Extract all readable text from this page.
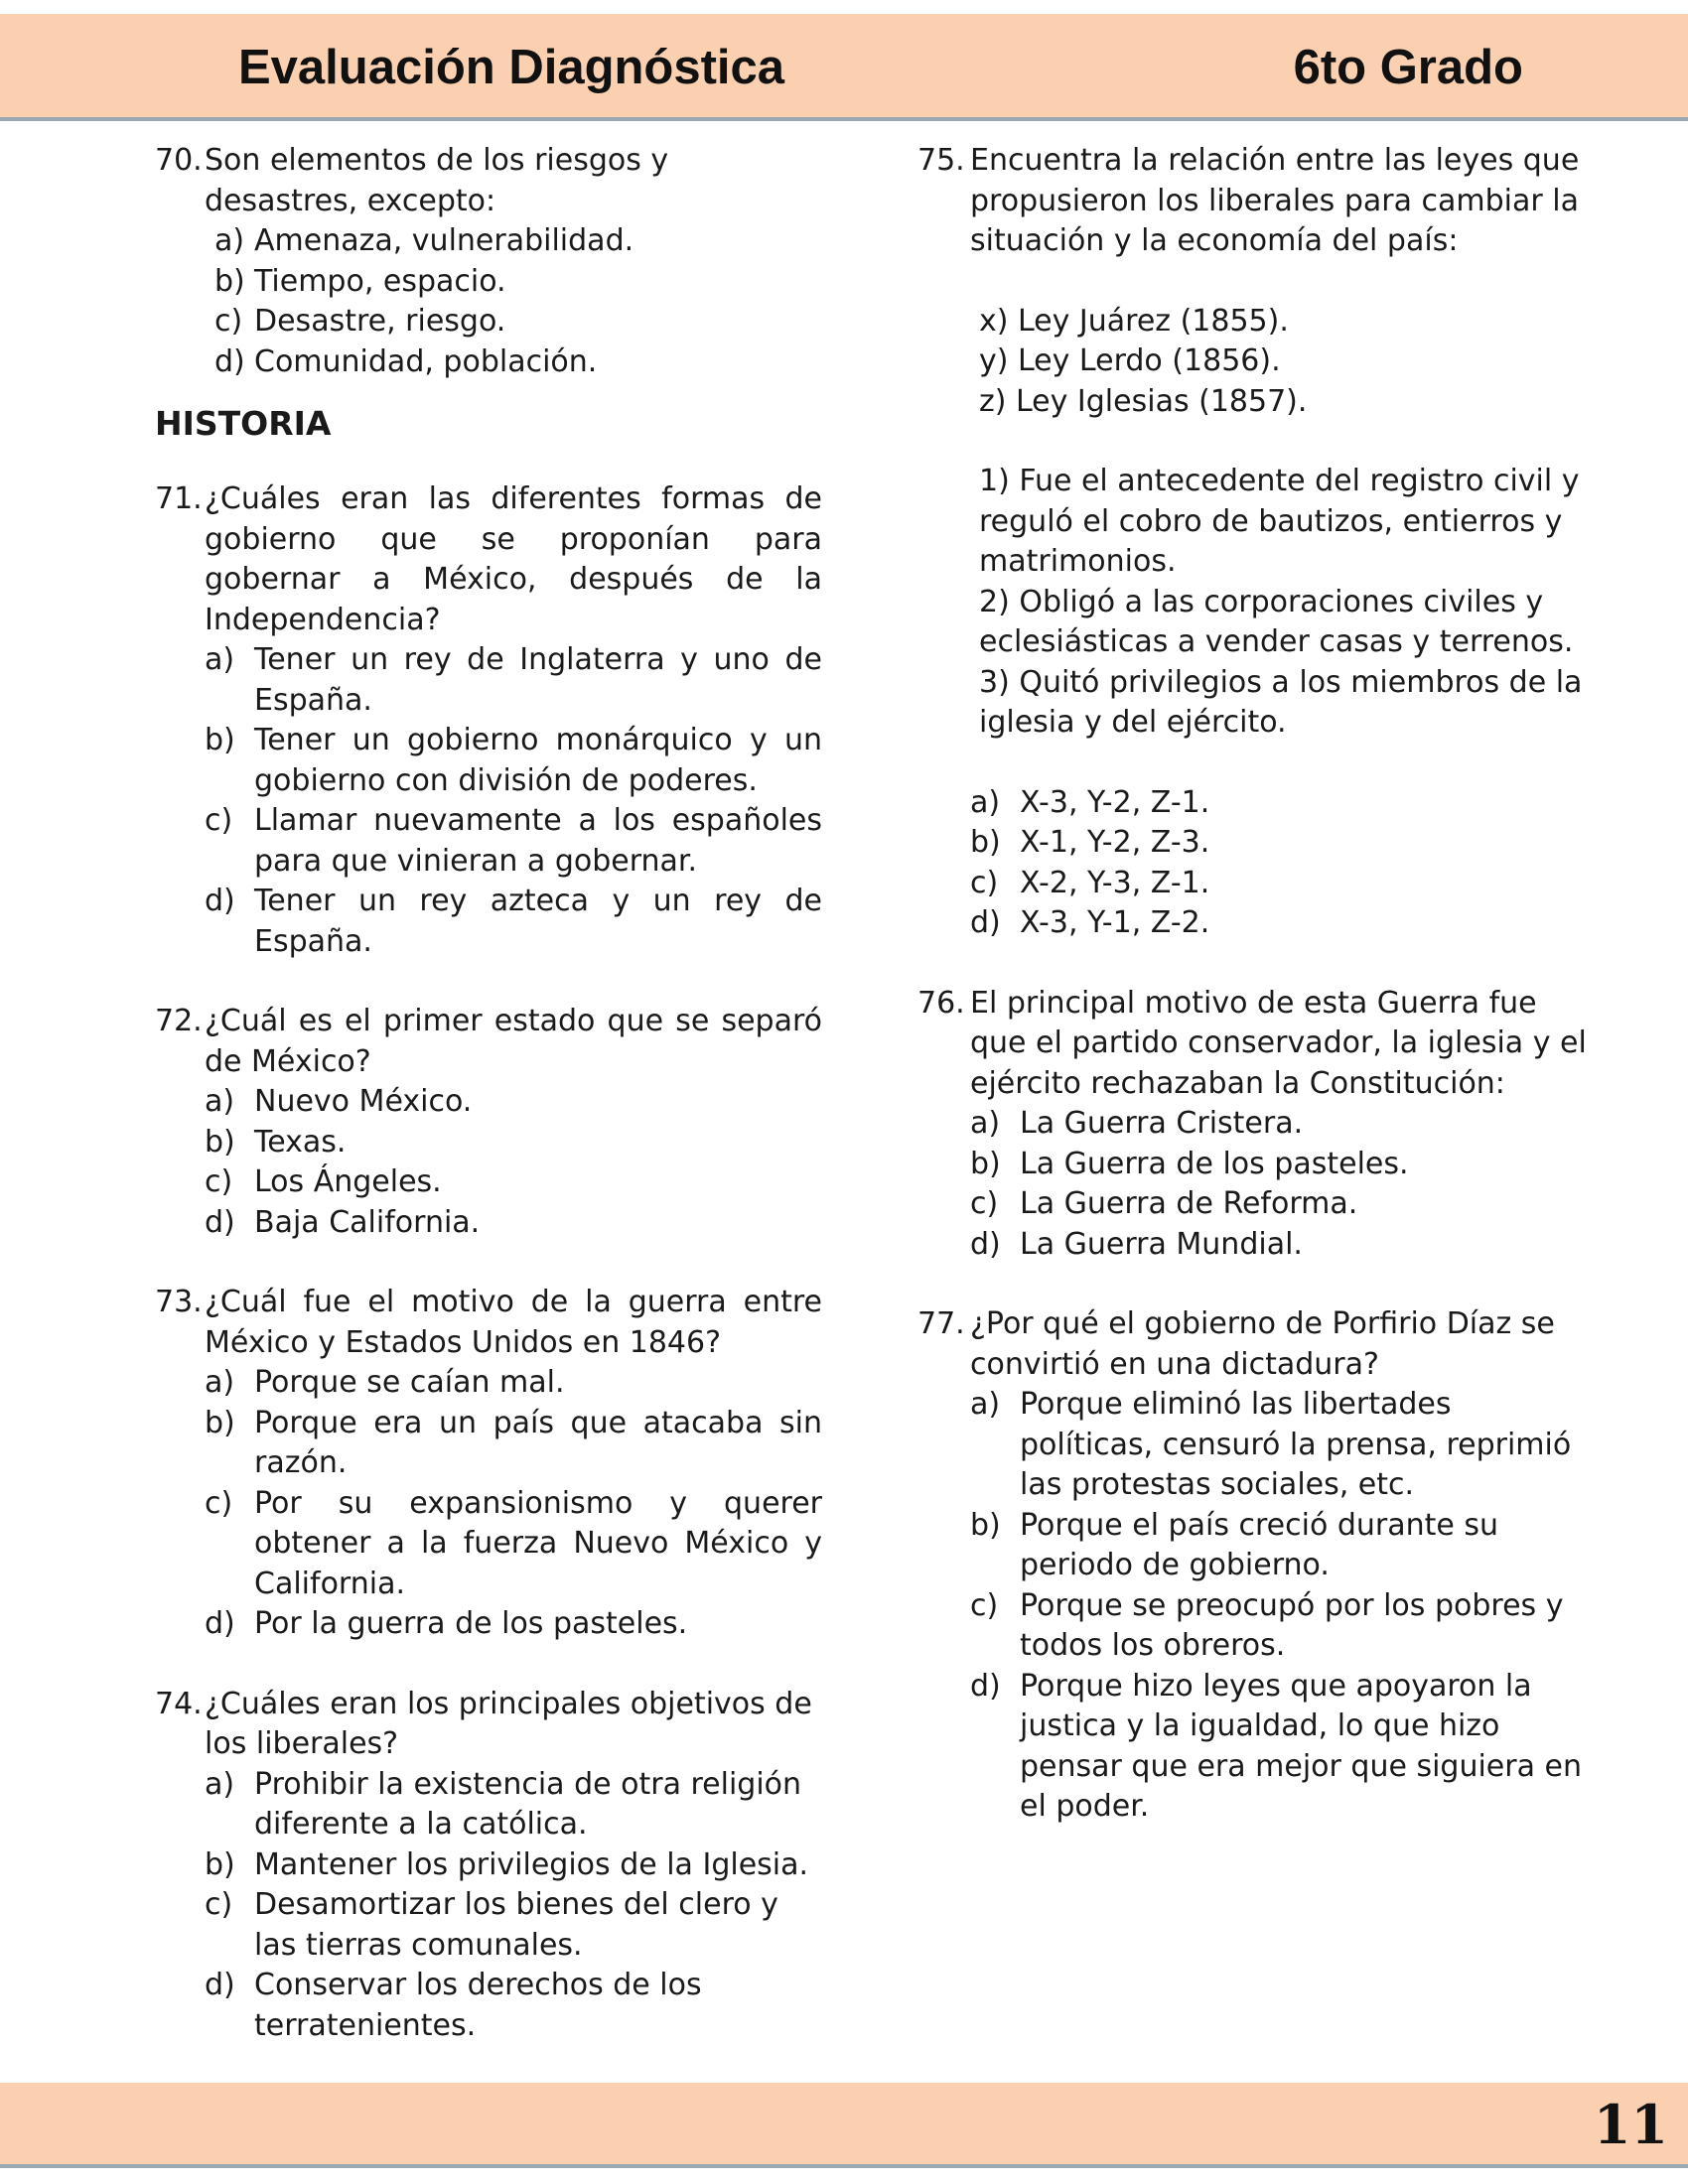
Evaluación Diagnóstica	6to Grado
70. Son elementos de los riesgos y desastres, excepto:
a) Amenaza, vulnerabilidad.
b) Tiempo, espacio.
c) Desastre, riesgo.
d) Comunidad, población.
HISTORIA
71. ¿Cuáles eran las diferentes formas de gobierno que se proponían para gobernar a México, después de la Independencia?
a) Tener un rey de Inglaterra y uno de España.
b) Tener un gobierno monárquico y un gobierno con división de poderes.
c) Llamar nuevamente a los españoles para que vinieran a gobernar.
d) Tener un rey azteca y un rey de España.
72. ¿Cuál es el primer estado que se separó de México?
a) Nuevo México.
b) Texas.
c) Los Ángeles.
d) Baja California.
73. ¿Cuál fue el motivo de la guerra entre México y Estados Unidos en 1846?
a) Porque se caían mal.
b) Porque era un país que atacaba sin razón.
c) Por su expansionismo y querer obtener a la fuerza Nuevo México y California.
d) Por la guerra de los pasteles.
74. ¿Cuáles eran los principales objetivos de los liberales?
a) Prohibir la existencia de otra religión diferente a la católica.
b) Mantener los privilegios de la Iglesia.
c) Desamortizar los bienes del clero y las tierras comunales.
d) Conservar los derechos de los terratenientes.
75. Encuentra la relación entre las leyes que propusieron los liberales para cambiar la situación y la economía del país:
x) Ley Juárez (1855).
y) Ley Lerdo (1856).
z) Ley Iglesias (1857).
1) Fue el antecedente del registro civil y reguló el cobro de bautizos, entierros y matrimonios.
2) Obligó a las corporaciones civiles y eclesiásticas a vender casas y terrenos.
3) Quitó privilegios a los miembros de la iglesia y del ejército.
a) X-3, Y-2, Z-1.
b) X-1, Y-2, Z-3.
c) X-2, Y-3, Z-1.
d) X-3, Y-1, Z-2.
76. El principal motivo de esta Guerra fue que el partido conservador, la iglesia y el ejército rechazaban la Constitución:
a) La Guerra Cristera.
b) La Guerra de los pasteles.
c) La Guerra de Reforma.
d) La Guerra Mundial.
77. ¿Por qué el gobierno de Porfirio Díaz se convirtió en una dictadura?
a) Porque eliminó las libertades políticas, censuró la prensa, reprimió las protestas sociales, etc.
b) Porque el país creció durante su periodo de gobierno.
c) Porque se preocupó por los pobres y todos los obreros.
d) Porque hizo leyes que apoyaron la justica y la igualdad, lo que hizo pensar que era mejor que siguiera en el poder.
11
